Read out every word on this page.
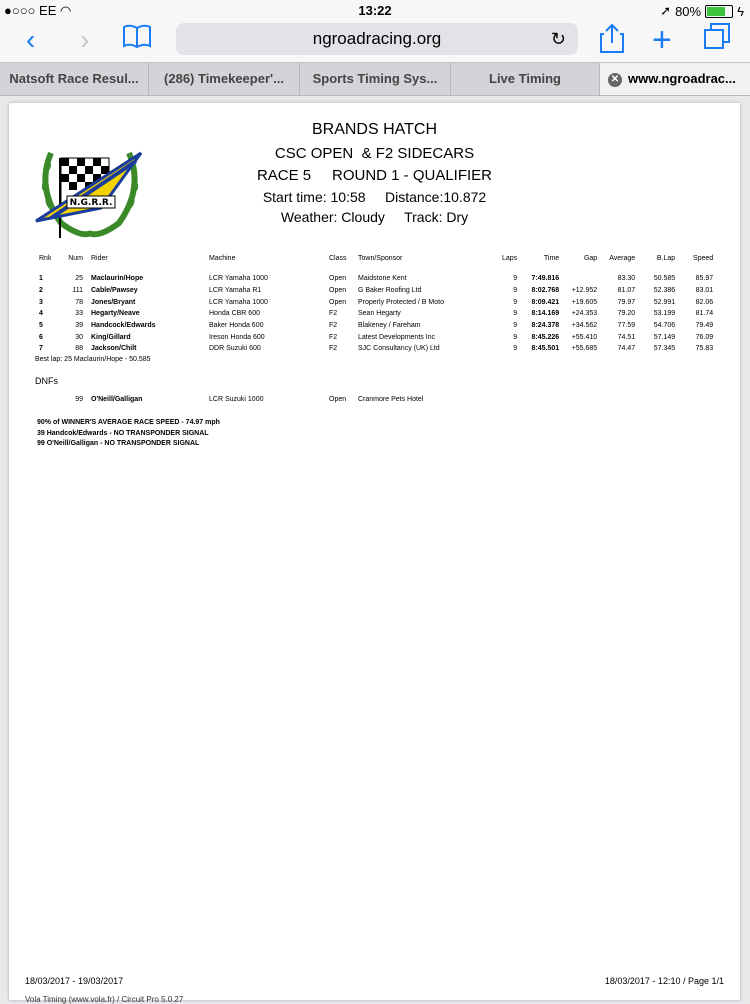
●○○○ EE ◠	13:22	➚ 80%	ϟ
‹ ›	ngroadracing.org	↻	+
Natsoft Race Resul...	(286) Timekeeper'...	Sports Timing Sys...	Live Timing	✕ www.ngroadrac...
N.G.R.R.
BRANDS HATCH
CSC OPEN  & F2 SIDECARS
RACE 5     ROUND 1 - QUALIFIER
Start time: 10:58     Distance:10.872
Weather: Cloudy     Track: Dry
Rnk	Num	Rider	Machine	Class	Town/Sponsor	Laps	Time	Gap	Average	B.Lap	Speed

1	25	Maclaurin/Hope	LCR Yamaha 1000	Open	Maidstone Kent	9	7:49.816		83.30	50.585	85.97
2	111	Cable/Pawsey	LCR Yamaha R1	Open	G Baker Roofing Ltd	9	8:02.768	+12.952	81.07	52.386	83.01
3	78	Jones/Bryant	LCR Yamaha 1000	Open	Properly Protected / B Moto	9	8:09.421	+19.605	79.97	52.991	82.06
4	33	Hegarty/Neave	Honda CBR 600	F2	Sean Hegarty	9	8:14.169	+24.353	79.20	53.199	81.74
5	39	Handcock/Edwards	Baker Honda 600	F2	Blakeney / Fareham	9	8:24.378	+34.562	77.59	54.706	79.49
6	30	King/Gillard	Ireson Honda 600	F2	Latest Developments Inc	9	8:45.226	+55.410	74.51	57.149	76.09
7	88	Jackson/Chilt	DDR Suzuki 600	F2	SJC Consultancy (UK) Ltd	9	8:45.501	+55.685	74.47	57.345	75.83
Best lap: 25 Maclaurin/Hope - 50.585
DNFs
	99	O'Neill/Galligan	LCR Suzuki 1000	Open	Cranmore Pets Hotel
90% of WINNER'S AVERAGE RACE SPEED - 74.97 mph
39 Handcok/Edwards - NO TRANSPONDER SIGNAL
99 O'Neill/Galligan - NO TRANSPONDER SIGNAL
18/03/2017 - 19/03/2017	18/03/2017 - 12:10 / Page 1/1
Vola Timing (www.vola.fr) / Circuit Pro 5.0.27
